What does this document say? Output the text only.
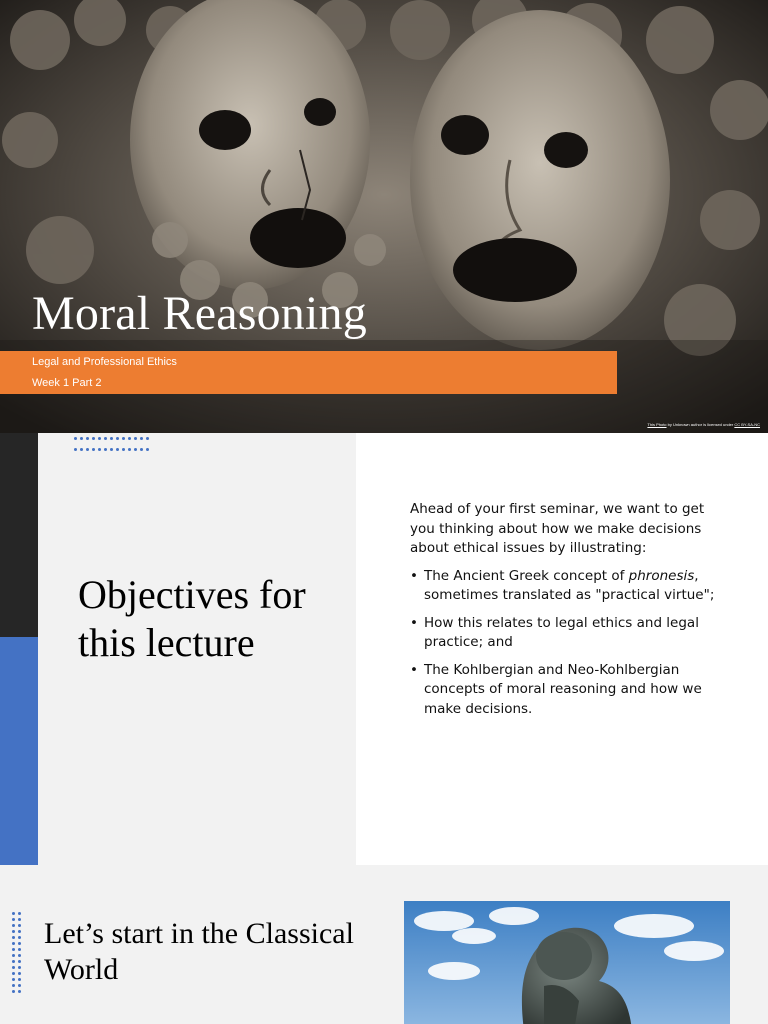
Moral Reasoning
Legal and Professional Ethics
Week 1 Part 2
This Photo by Unknown author is licensed under CC BY-SA-NC
Objectives for this lecture

Ahead of your first seminar, we want to get you thinking about how we make decisions about ethical issues by illustrating:

• The Ancient Greek concept of phronesis, sometimes translated as "practical virtue";
• How this relates to legal ethics and legal practice; and
• The Kohlbergian and Neo-Kohlbergian concepts of moral reasoning and how we make decisions.
Let’s start in the Classical World
